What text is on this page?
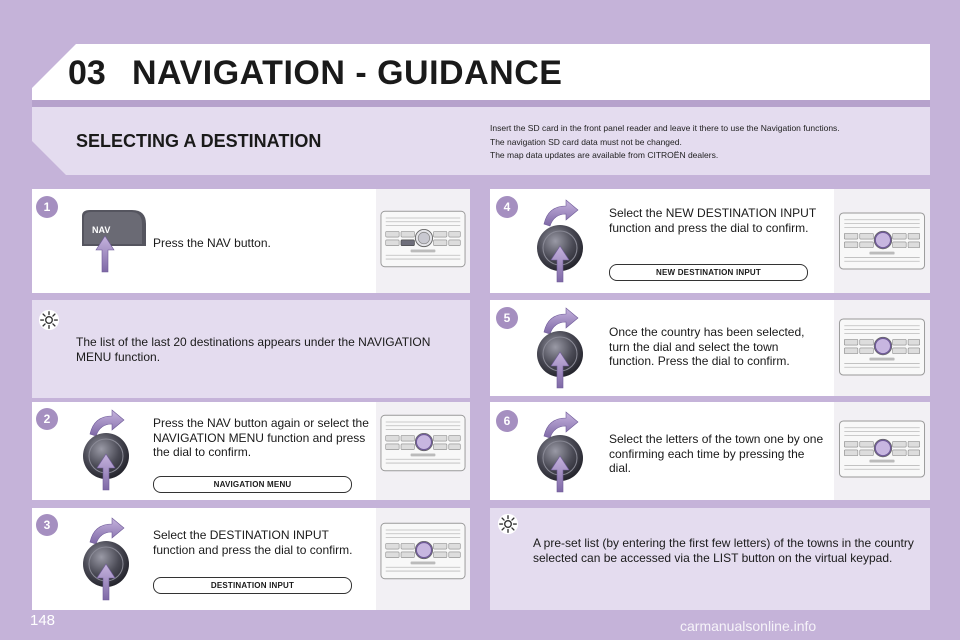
03 NAVIGATION - GUIDANCE
SELECTING A DESTINATION
Insert the SD card in the front panel reader and leave it there to use the Navigation functions.
The navigation SD card data must not be changed.
The map data updates are available from CITROËN dealers.
1
NAV
Press the NAV button.
The list of the last 20 destinations appears under the NAVIGATION MENU function.
2	Press the NAV button again or select the NAVIGATION MENU function and press the dial to confirm.
NAVIGATION MENU
3
Select the DESTINATION INPUT function and press the dial to confirm.
DESTINATION INPUT
4	Select the NEW DESTINATION INPUT function and press the dial to confirm.
NEW DESTINATION INPUT
5
Once the country has been selected, turn the dial and select the town function. Press the dial to confirm.
6
Select the letters of the town one by one confirming each time by pressing the dial.
A pre-set list (by entering the first few letters) of the towns in the country selected can be accessed via the LIST button on the virtual keypad.
148	carmanualsonline.info
